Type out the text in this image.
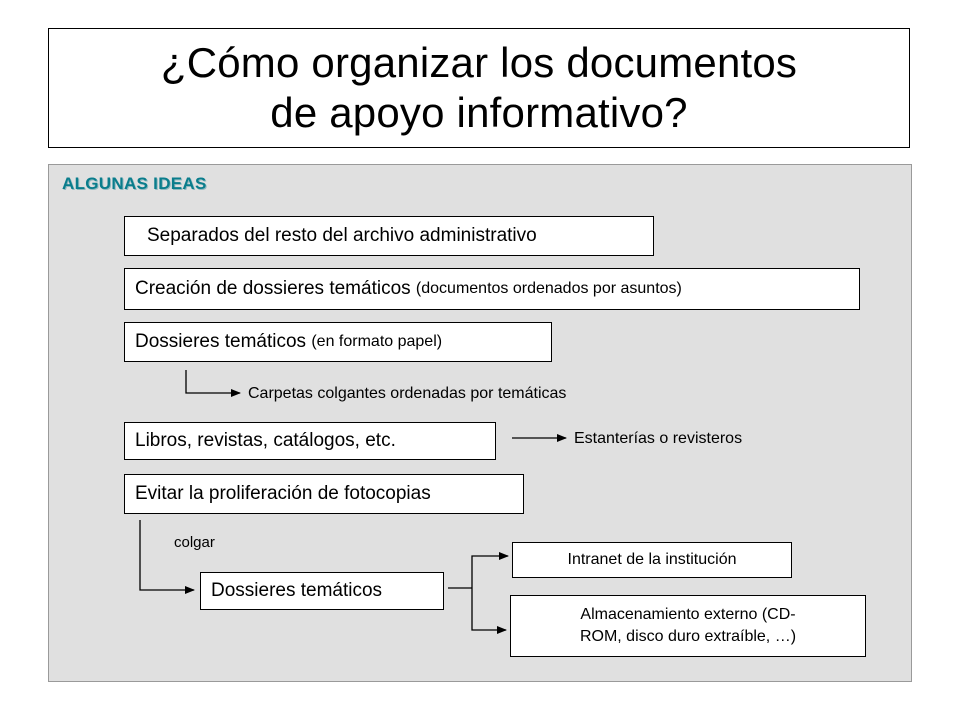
¿Cómo organizar los documentos
de apoyo informativo?
ALGUNAS IDEAS
Separados del resto del archivo administrativo
Creación de dossieres temáticos
(documentos ordenados por asuntos)
Dossieres temáticos
(en formato papel)
Carpetas colgantes ordenadas por temáticas
Libros, revistas, catálogos, etc.	Estanterías o revisteros
Evitar la proliferación de fotocopias
colgar
Dossieres temáticos
Intranet de la institución
Almacenamiento externo (CD-
ROM, disco duro extraíble, …)
